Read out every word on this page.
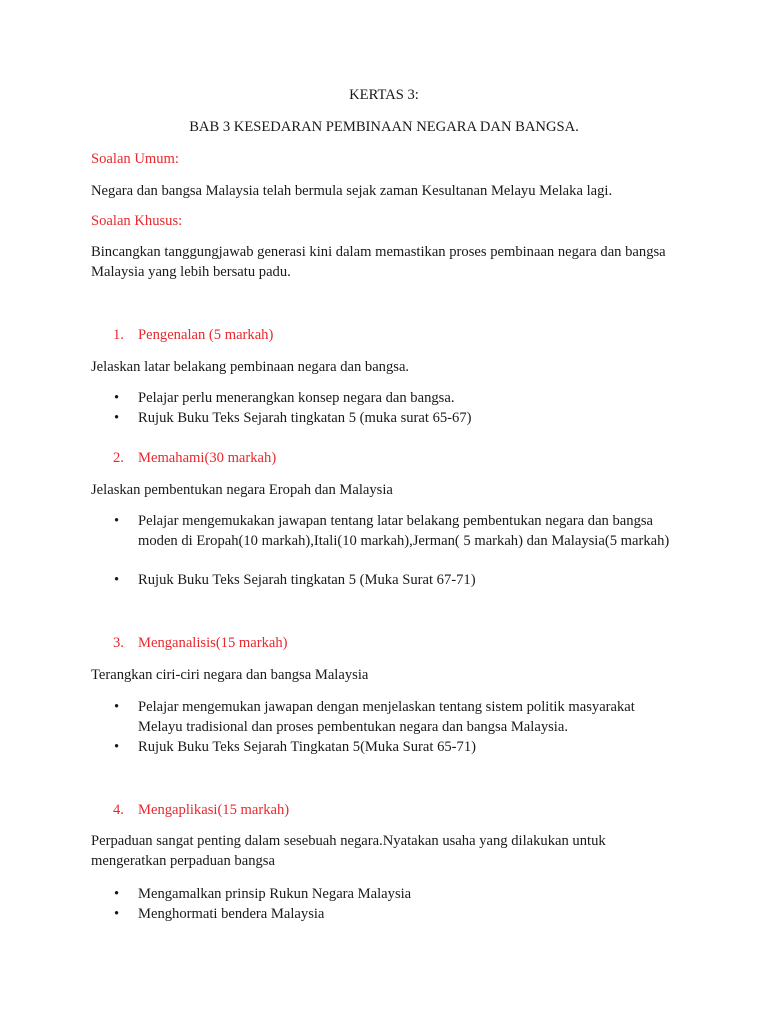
KERTAS 3:

BAB 3 KESEDARAN PEMBINAAN NEGARA DAN BANGSA.

Soalan Umum:

Negara dan bangsa Malaysia telah bermula sejak zaman Kesultanan Melayu Melaka lagi.

Soalan Khusus:

Bincangkan tanggungjawab generasi kini dalam memastikan proses pembinaan negara dan bangsa Malaysia yang lebih bersatu padu.

1. Pengenalan (5 markah)

Jelaskan latar belakang pembinaan negara dan bangsa.

• Pelajar perlu menerangkan konsep negara dan bangsa.
• Rujuk Buku Teks Sejarah tingkatan 5 (muka surat 65-67)
2. Memahami(30 markah)

Jelaskan pembentukan negara Eropah dan Malaysia

• Pelajar mengemukakan jawapan tentang latar belakang pembentukan negara dan bangsa moden di Eropah(10 markah),Itali(10 markah),Jerman( 5 markah) dan Malaysia(5 markah)
• Rujuk Buku Teks Sejarah tingkatan 5 (Muka Surat 67-71)
3. Menganalisis(15 markah)

Terangkan ciri-ciri negara dan bangsa Malaysia

• Pelajar mengemukan jawapan dengan menjelaskan tentang sistem politik masyarakat Melayu tradisional dan proses pembentukan negara dan bangsa Malaysia.
• Rujuk Buku Teks Sejarah Tingkatan 5(Muka Surat 65-71)
4. Mengaplikasi(15 markah)

Perpaduan sangat penting dalam sesebuah negara.Nyatakan usaha yang dilakukan untuk mengeratkan perpaduan bangsa

• Mengamalkan prinsip Rukun Negara Malaysia
• Menghormati bendera Malaysia
